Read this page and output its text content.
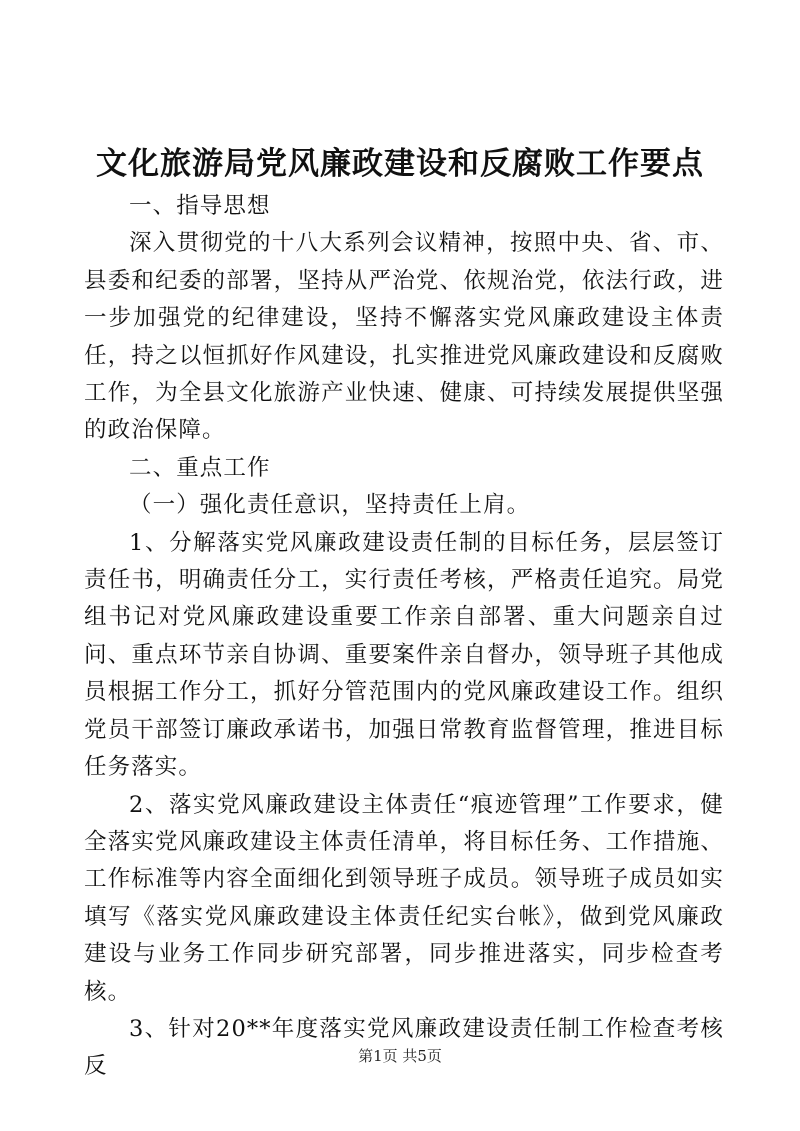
文化旅游局党风廉政建设和反腐败工作要点

一、指导思想

深入贯彻党的十八大系列会议精神，按照中央、省、市、县委和纪委的部署，坚持从严治党、依规治党，依法行政，进一步加强党的纪律建设，坚持不懈落实党风廉政建设主体责任，持之以恒抓好作风建设，扎实推进党风廉政建设和反腐败工作，为全县文化旅游产业快速、健康、可持续发展提供坚强的政治保障。

二、重点工作

（一）强化责任意识，坚持责任上肩。

1、分解落实党风廉政建设责任制的目标任务，层层签订责任书，明确责任分工，实行责任考核，严格责任追究。局党组书记对党风廉政建设重要工作亲自部署、重大问题亲自过问、重点环节亲自协调、重要案件亲自督办，领导班子其他成员根据工作分工，抓好分管范围内的党风廉政建设工作。组织党员干部签订廉政承诺书，加强日常教育监督管理，推进目标任务落实。

2、落实党风廉政建设主体责任“痕迹管理”工作要求，健全落实党风廉政建设主体责任清单，将目标任务、工作措施、工作标准等内容全面细化到领导班子成员。领导班子成员如实填写《落实党风廉政建设主体责任纪实台帐》，做到党风廉政建设与业务工作同步研究部署，同步推进落实，同步检查考核。

3、针对20**年度落实党风廉政建设责任制工作检查考核反	第1页 共5页
